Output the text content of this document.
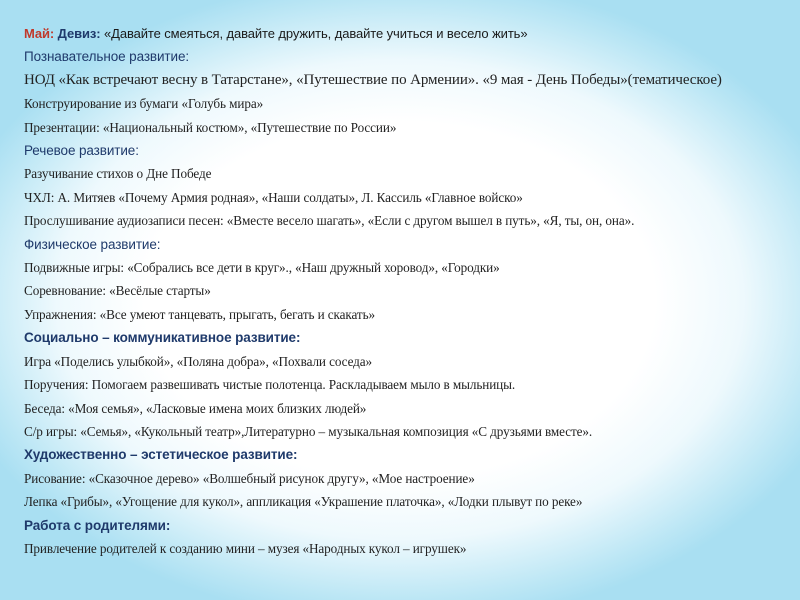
Май: Девиз: «Давайте смеяться, давайте дружить, давайте учиться и весело жить»
Познавательное развитие:
НОД «Как встречают весну в Татарстане», «Путешествие по Армении». «9 мая - День Победы»(тематическое)
Конструирование из бумаги «Голубь мира»
Презентации: «Национальный костюм», «Путешествие по России»
Речевое развитие:
Разучивание стихов о Дне Победе
ЧХЛ: А. Митяев «Почему Армия родная», «Наши солдаты», Л. Кассиль «Главное войско»
Прослушивание аудиозаписи песен: «Вместе весело шагать», «Если с другом вышел в путь», «Я, ты, он, она».
Физическое развитие:
Подвижные игры: «Собрались все дети в круг»., «Наш дружный хоровод», «Городки»
Соревнование: «Весёлые старты»
Упражнения: «Все умеют танцевать, прыгать, бегать и скакать»
Социально – коммуникативное развитие:
Игра «Поделись улыбкой», «Поляна добра», «Похвали соседа»
Поручения: Помогаем развешивать чистые полотенца. Раскладываем мыло в мыльницы.
Беседа: «Моя семья», «Ласковые имена моих близких людей»
С/р игры: «Семья», «Кукольный театр»,Литературно – музыкальная композиция «С друзьями вместе».
Художественно – эстетическое развитие:
Рисование: «Сказочное дерево» «Волшебный рисунок другу», «Мое настроение»
Лепка «Грибы», «Угощение для кукол», аппликация «Украшение платочка», «Лодки плывут по реке»
Работа с родителями:
Привлечение родителей к созданию мини – музея «Народных кукол – игрушек»
